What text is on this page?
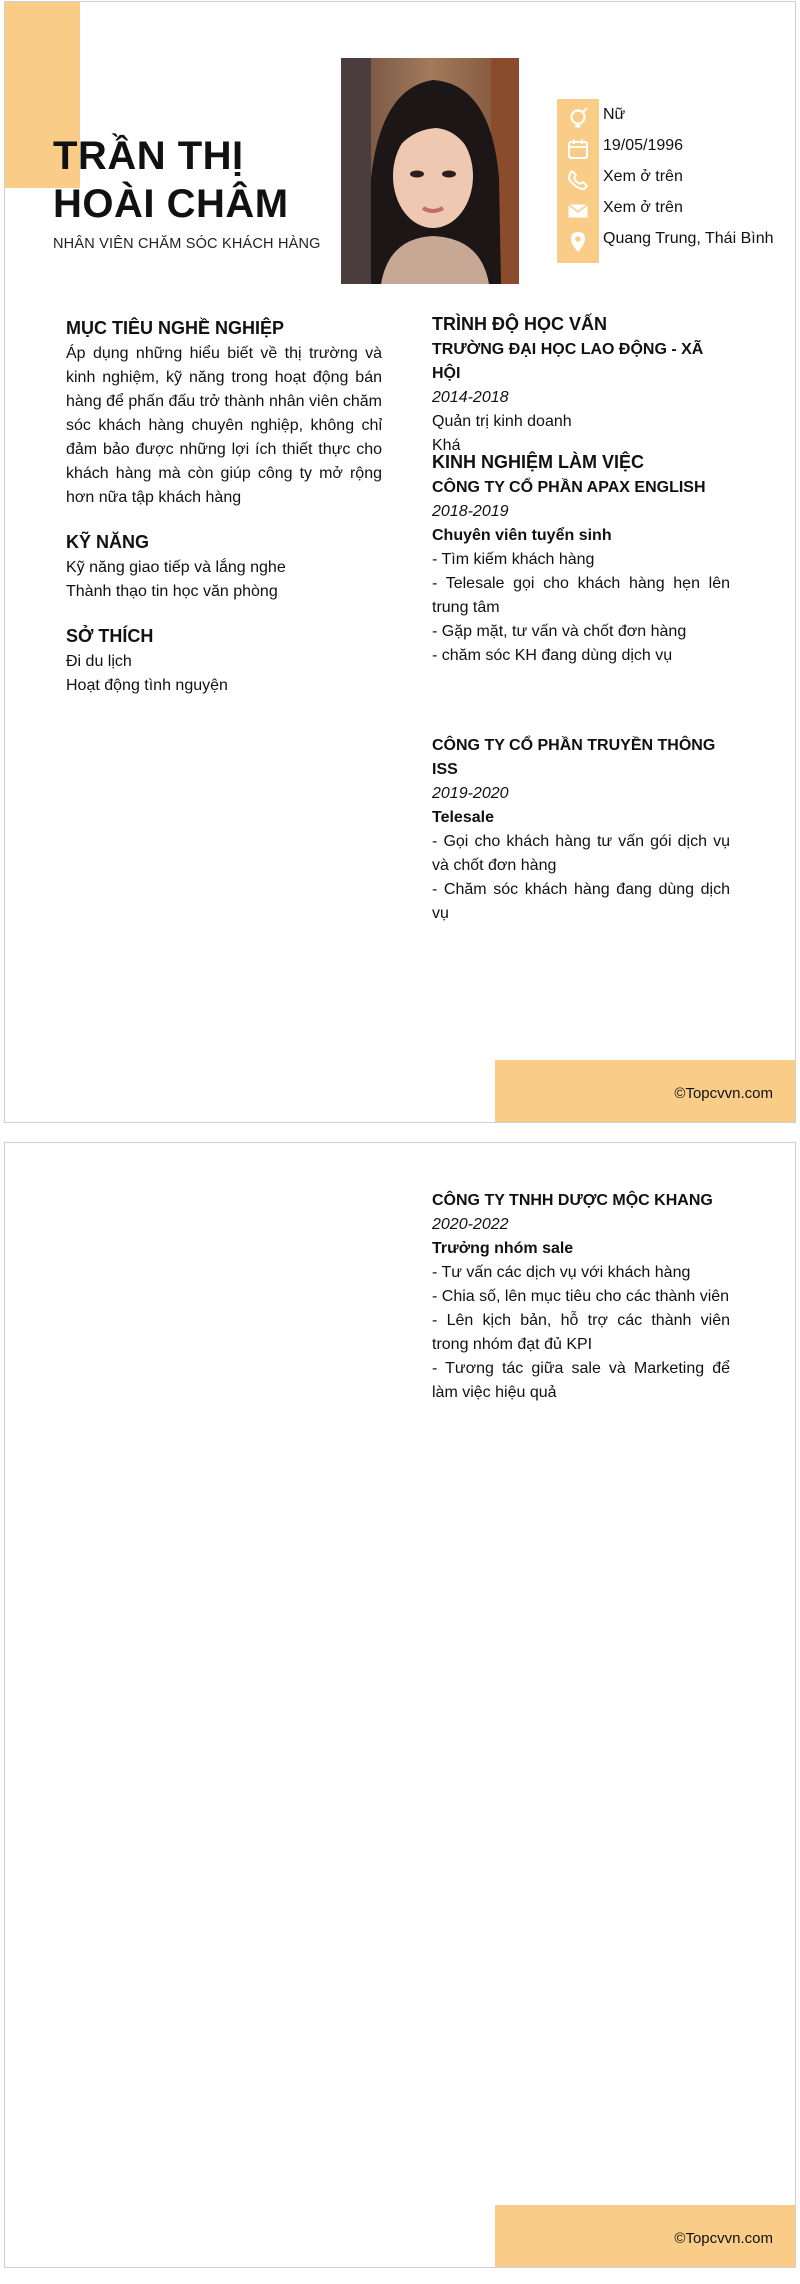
TRẦN THỊ
HOÀI CHÂM
NHÂN VIÊN CHĂM SÓC KHÁCH HÀNG
Nữ
19/05/1996
Xem ở trên
Xem ở trên
Quang Trung, Thái Bình
MỤC TIÊU NGHỀ NGHIỆP
Áp dụng những hiểu biết về thị trường và kinh nghiệm, kỹ năng trong hoạt động bán hàng để phấn đấu trở thành nhân viên chăm sóc khách hàng chuyên nghiệp, không chỉ đảm bảo được những lợi ích thiết thực cho khách hàng mà còn giúp công ty mở rộng hơn nữa tập khách hàng
KỸ NĂNG
Kỹ năng giao tiếp và lắng nghe
Thành thạo tin học văn phòng
SỞ THÍCH
Đi du lịch
Hoạt động tình nguyện
TRÌNH ĐỘ HỌC VẤN
TRƯỜNG ĐẠI HỌC LAO ĐỘNG - XÃ HỘI
2014-2018
Quản trị kinh doanh
Khá
KINH NGHIỆM LÀM VIỆC
CÔNG TY CỔ PHẦN APAX ENGLISH
2018-2019
Chuyên viên tuyển sinh
- Tìm kiếm khách hàng
- Telesale gọi cho khách hàng hẹn lên trung tâm
- Gặp mặt, tư vấn và chốt đơn hàng
- chăm sóc KH đang dùng dịch vụ
CÔNG TY CỔ PHẦN TRUYỀN THÔNG ISS
2019-2020
Telesale
- Gọi cho khách hàng tư vấn gói dịch vụ và chốt đơn hàng
- Chăm sóc khách hàng đang dùng dịch vụ
©Topcvvn.com
CÔNG TY TNHH DƯỢC MỘC KHANG
2020-2022
Trưởng nhóm sale
- Tư vấn các dịch vụ với khách hàng
- Chia số, lên mục tiêu cho các thành viên
- Lên kịch bản, hỗ trợ các thành viên trong nhóm đạt đủ KPI
- Tương tác giữa sale và Marketing để làm việc hiệu quả
©Topcvvn.com
